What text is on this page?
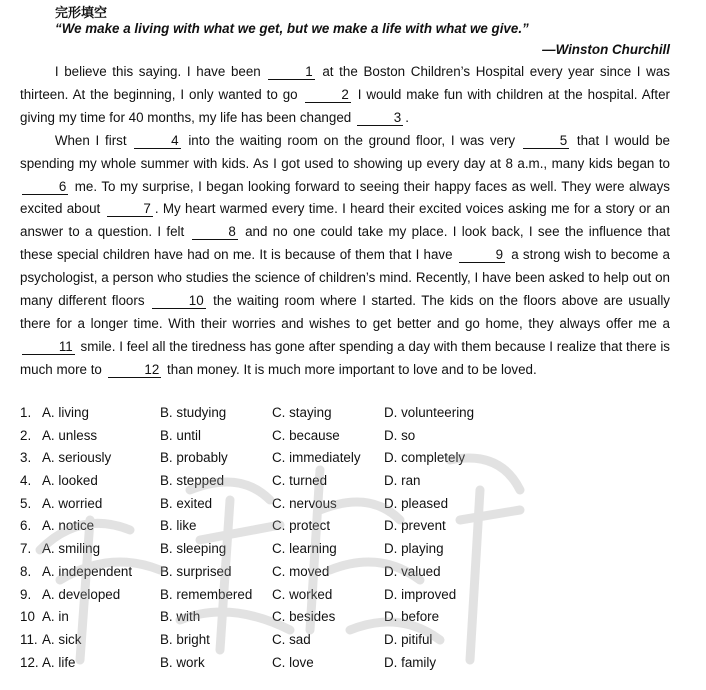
完形填空
“We make a living with what we get, but we make a life with what we give.”
—Winston Churchill

I believe this saying. I have been	1 at the Boston Children’s Hospital every year since I was thirteen. At the beginning, I only wanted to go	2 I would make fun with children at the hospital. After giving my time for 40 months, my life has been changed	3 .

When I first	4 into the waiting room on the ground floor, I was very	5 that I would be spending my whole summer with kids. As I got used to showing up every day at 8 a.m., many kids began to 6 me. To my surprise, I began looking forward to seeing their happy faces as well. They were always excited about	7 . My heart warmed every time. I heard their excited voices asking me for a story or an answer to a question. I felt	8 and no one could take my place. I look back, I see the influence that these special children have had on me. It is because of them that I have	9 a strong wish to become a psychologist, a person who studies the science of children’s mind. Recently, I have been asked to help out on many different floors	10 the waiting room where I started. The kids on the floors above are usually there for a longer time. With their worries and wishes to get better and go home, they always offer me a 11 smile. I feel all the tiredness has gone after spending a day with them because I realize that there is much more to	12 than money. It is much more important to love and to be loved.

1. A. living	B. studying	C. staying	D. volunteering
2. A. unless	B. until	C. because	D. so
3. A. seriously	B. probably	C. immediately D. completely
4. A. looked	B. stepped	C. turned	D. ran
5. A. worried	B. exited	C. nervous	D. pleased
6. A. notice	B. like	C. protect	D. prevent
7. A. smiling	B. sleeping	C. learning	D. playing
8. A. independent B. surprised	C. moved	D. valued
9. A. developed	B. remembered C. worked	D. improved
10 A. in	B. with	C. besides	D. before
11. A. sick	B. bright	C. sad	D. pitiful
12. A. life	B. work	C. love	D. family
